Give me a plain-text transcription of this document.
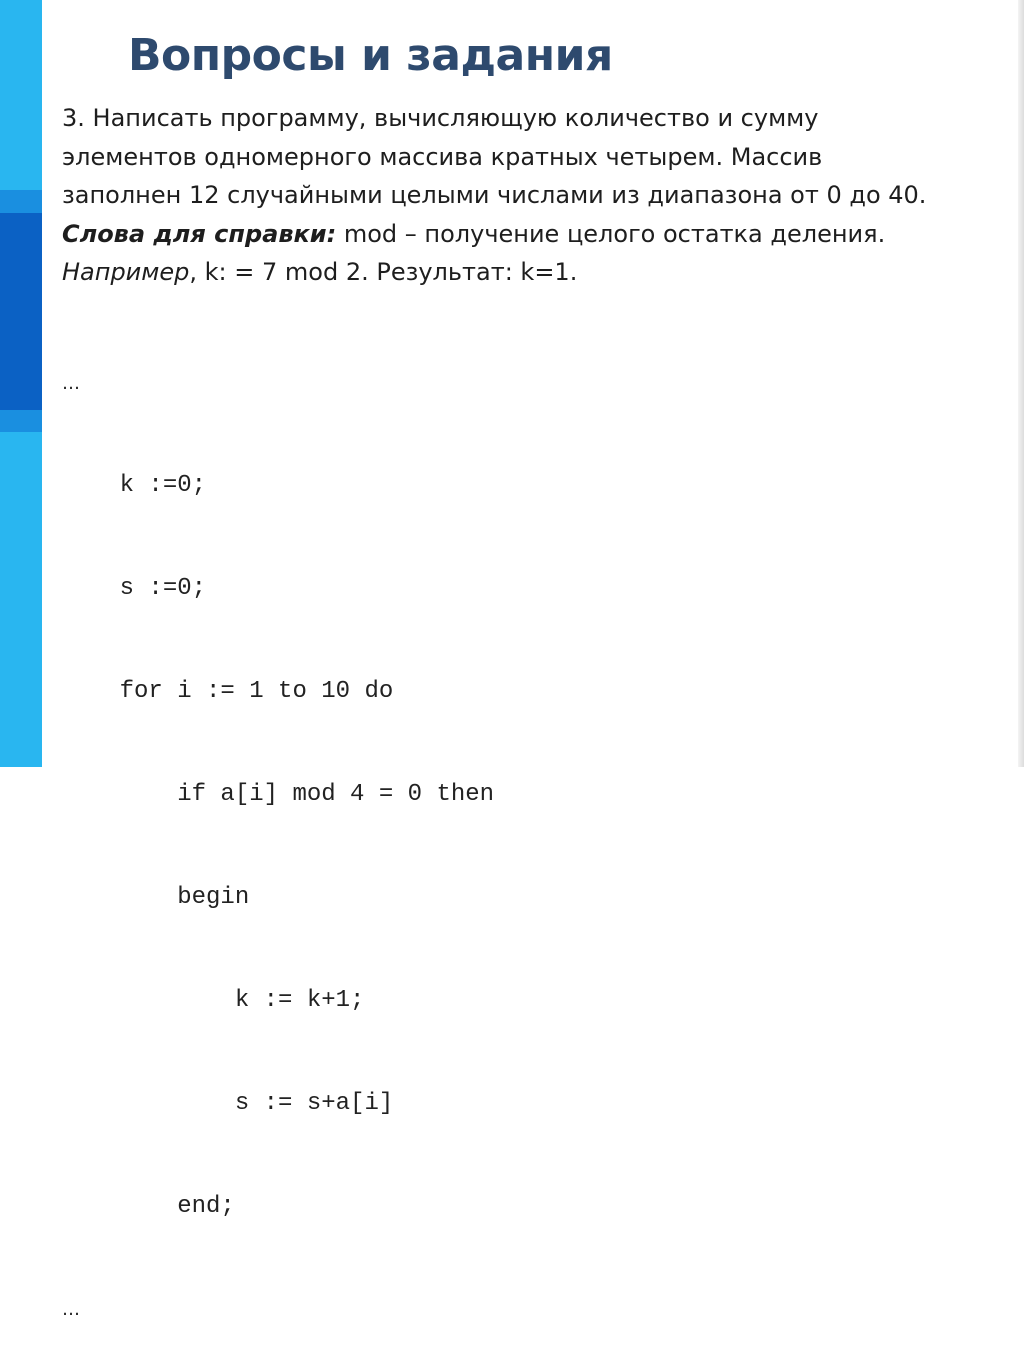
Вопросы и задания

3. Написать программу, вычисляющую количество и сумму

элементов одномерного массива кратных четырем. Массив

заполнен 12 случайными целыми числами из диапазона от 0 до 40.

Слова для справки: mod – получение целого остатка деления.

Например, k: = 7 mod 2. Результат: k=1.

…

k :=0;

s :=0;

for i := 1 to 10 do

if a[i] mod 4 = 0 then

begin

k := k+1;

s := s+a[i]

end;

…
